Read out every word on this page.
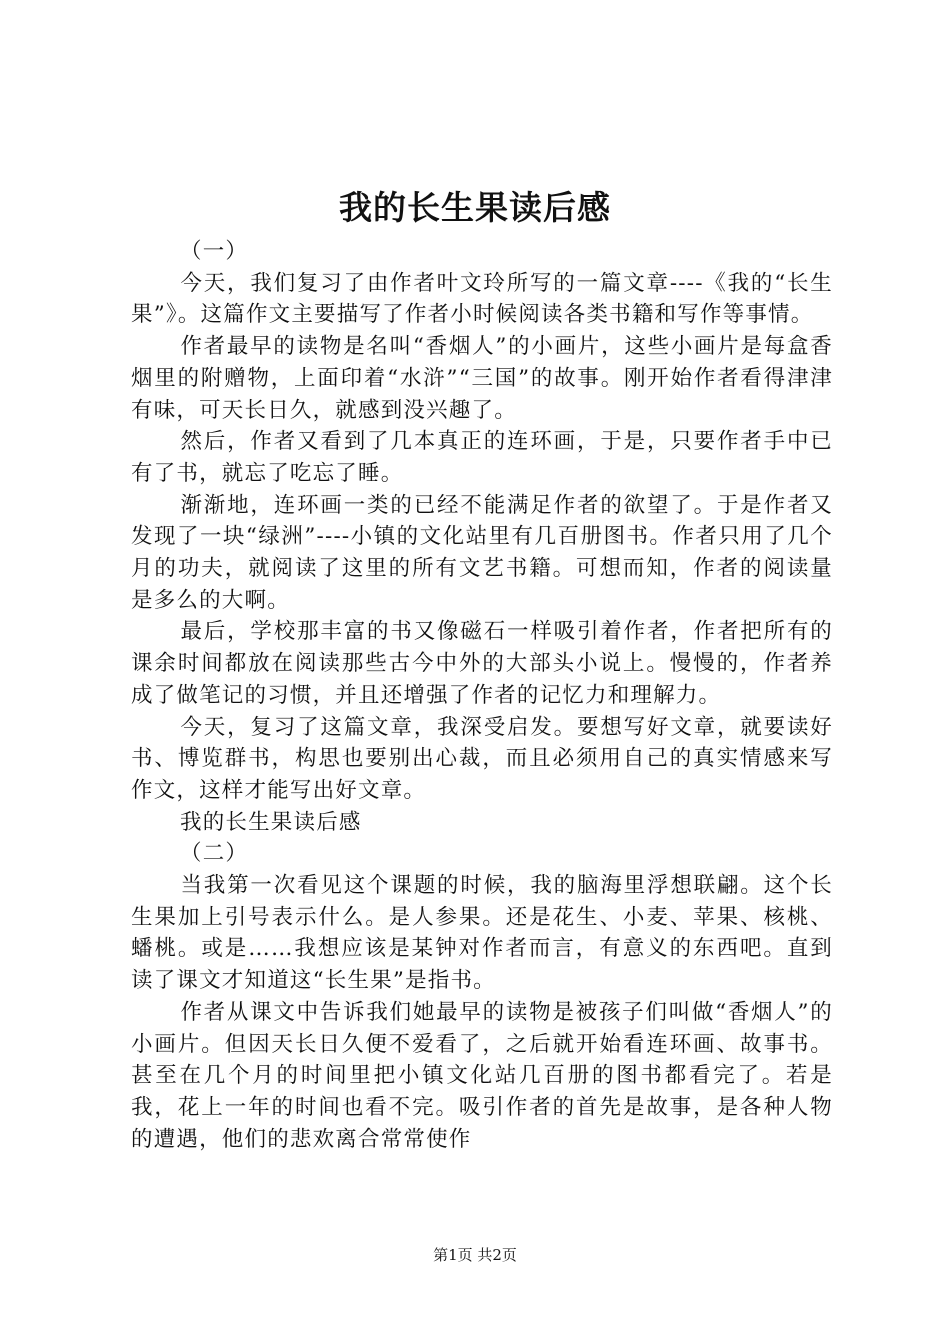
我的长生果读后感

（一）

今天，我们复习了由作者叶文玲所写的一篇文章----《我的“长生果”》。这篇作文主要描写了作者小时候阅读各类书籍和写作等事情。

作者最早的读物是名叫“香烟人”的小画片，这些小画片是每盒香烟里的附赠物，上面印着“水浒”“三国”的故事。刚开始作者看得津津有味，可天长日久，就感到没兴趣了。

然后，作者又看到了几本真正的连环画，于是，只要作者手中已有了书，就忘了吃忘了睡。

渐渐地，连环画一类的已经不能满足作者的欲望了。于是作者又发现了一块“绿洲”----小镇的文化站里有几百册图书。作者只用了几个月的功夫，就阅读了这里的所有文艺书籍。可想而知，作者的阅读量是多么的大啊。

最后，学校那丰富的书又像磁石一样吸引着作者，作者把所有的课余时间都放在阅读那些古今中外的大部头小说上。慢慢的，作者养成了做笔记的习惯，并且还增强了作者的记忆力和理解力。

今天，复习了这篇文章，我深受启发。要想写好文章，就要读好书、博览群书，构思也要别出心裁，而且必须用自己的真实情感来写作文，这样才能写出好文章。

我的长生果读后感

（二）

当我第一次看见这个课题的时候，我的脑海里浮想联翩。这个长生果加上引号表示什么。是人参果。还是花生、小麦、苹果、核桃、蟠桃。或是……我想应该是某钟对作者而言，有意义的东西吧。直到读了课文才知道这“长生果”是指书。

作者从课文中告诉我们她最早的读物是被孩子们叫做“香烟人”的小画片。但因天长日久便不爱看了，之后就开始看连环画、故事书。甚至在几个月的时间里把小镇文化站几百册的图书都看完了。若是我，花上一年的时间也看不完。吸引作者的首先是故事，是各种人物的遭遇，他们的悲欢离合常常使作

第1页 共2页
